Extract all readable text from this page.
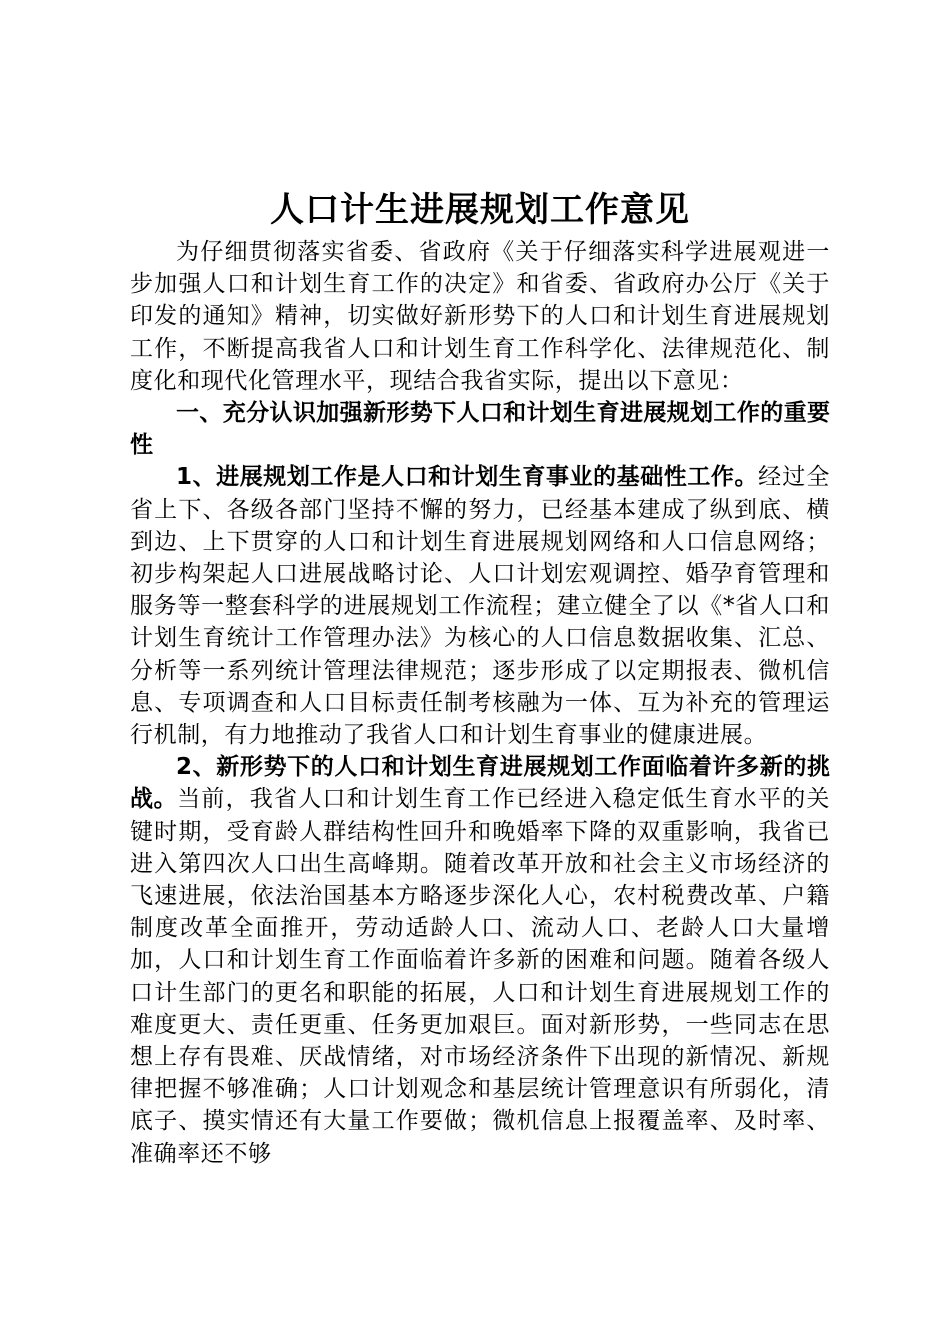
人口计生进展规划工作意见

为仔细贯彻落实省委、省政府《关于仔细落实科学进展观进一步加强人口和计划生育工作的决定》和省委、省政府办公厅《关于印发的通知》精神，切实做好新形势下的人口和计划生育进展规划工作，不断提高我省人口和计划生育工作科学化、法律规范化、制度化和现代化管理水平，现结合我省实际，提出以下意见：

一、充分认识加强新形势下人口和计划生育进展规划工作的重要性

1、进展规划工作是人口和计划生育事业的基础性工作。经过全省上下、各级各部门坚持不懈的努力，已经基本建成了纵到底、横到边、上下贯穿的人口和计划生育进展规划网络和人口信息网络；初步构架起人口进展战略讨论、人口计划宏观调控、婚孕育管理和服务等一整套科学的进展规划工作流程；建立健全了以《*省人口和计划生育统计工作管理办法》为核心的人口信息数据收集、汇总、分析等一系列统计管理法律规范；逐步形成了以定期报表、微机信息、专项调查和人口目标责任制考核融为一体、互为补充的管理运行机制，有力地推动了我省人口和计划生育事业的健康进展。

2、新形势下的人口和计划生育进展规划工作面临着许多新的挑战。当前，我省人口和计划生育工作已经进入稳定低生育水平的关键时期，受育龄人群结构性回升和晚婚率下降的双重影响，我省已进入第四次人口出生高峰期。随着改革开放和社会主义市场经济的飞速进展，依法治国基本方略逐步深化人心，农村税费改革、户籍制度改革全面推开，劳动适龄人口、流动人口、老龄人口大量增加，人口和计划生育工作面临着许多新的困难和问题。随着各级人口计生部门的更名和职能的拓展，人口和计划生育进展规划工作的难度更大、责任更重、任务更加艰巨。面对新形势，一些同志在思想上存有畏难、厌战情绪，对市场经济条件下出现的新情况、新规律把握不够准确；人口计划观念和基层统计管理意识有所弱化，清底子、摸实情还有大量工作要做；微机信息上报覆盖率、及时率、准确率还不够
